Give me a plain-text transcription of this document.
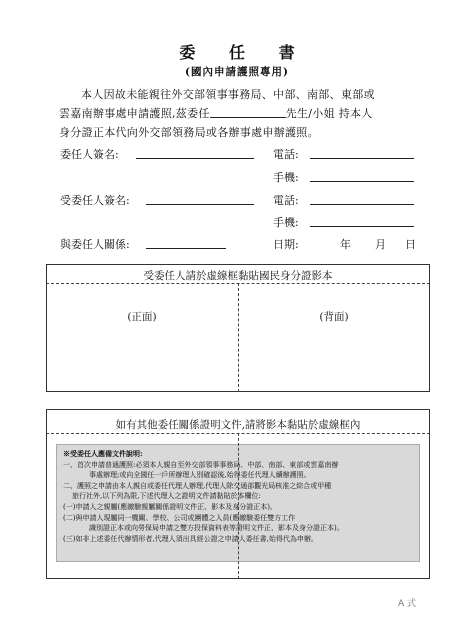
委 任 書
(國內申請護照專用)
本人因故未能親往外交部領事事務局、中部、南部、東部或
雲嘉南辦事處申請護照,茲委任	先生/小姐 持本人
身分證正本代向外交部領務局或各辦事處申辦護照。
委任人簽名:	電話:
手機:
受委任人簽名:	電話:
手機:
與委任人關係:	日期:	年 月 日
受委任人請於虛線框黏貼國民身分證影本
(正面)	(背面)
如有其他委任關係證明文件,請將影本黏貼於虛線框內
※受委任人應備文件說明:
一、首次申請普通護照:必須本人親自至外交部領事事務局、中部、南部、東部或雲嘉南辦
事處辦理;或向全國任一戶所辦理人別確認後,始得委任代理人續辦護照。
二、護照之申請由本人親自或委任代理人辦理,代理人除交通部觀光局核准之綜合或甲種
旅行社外,以下列為限,下述代理人之證明文件請黏貼於本欄位:
(一)申請人之親屬(應繳驗親屬關係證明文件正、影本及身分證正本)。
(二)與申請人現屬同一機關、學校、公司或團體之人員(應繳驗委任雙方工作
識別證正本或向勞保局申請之雙方投保資料表等證明文件正、影本及身分證正本)。
(三)如非上述委任代辦情形者,代理人須出具經公證之申請人委任書,始得代為申辦。
A 式
